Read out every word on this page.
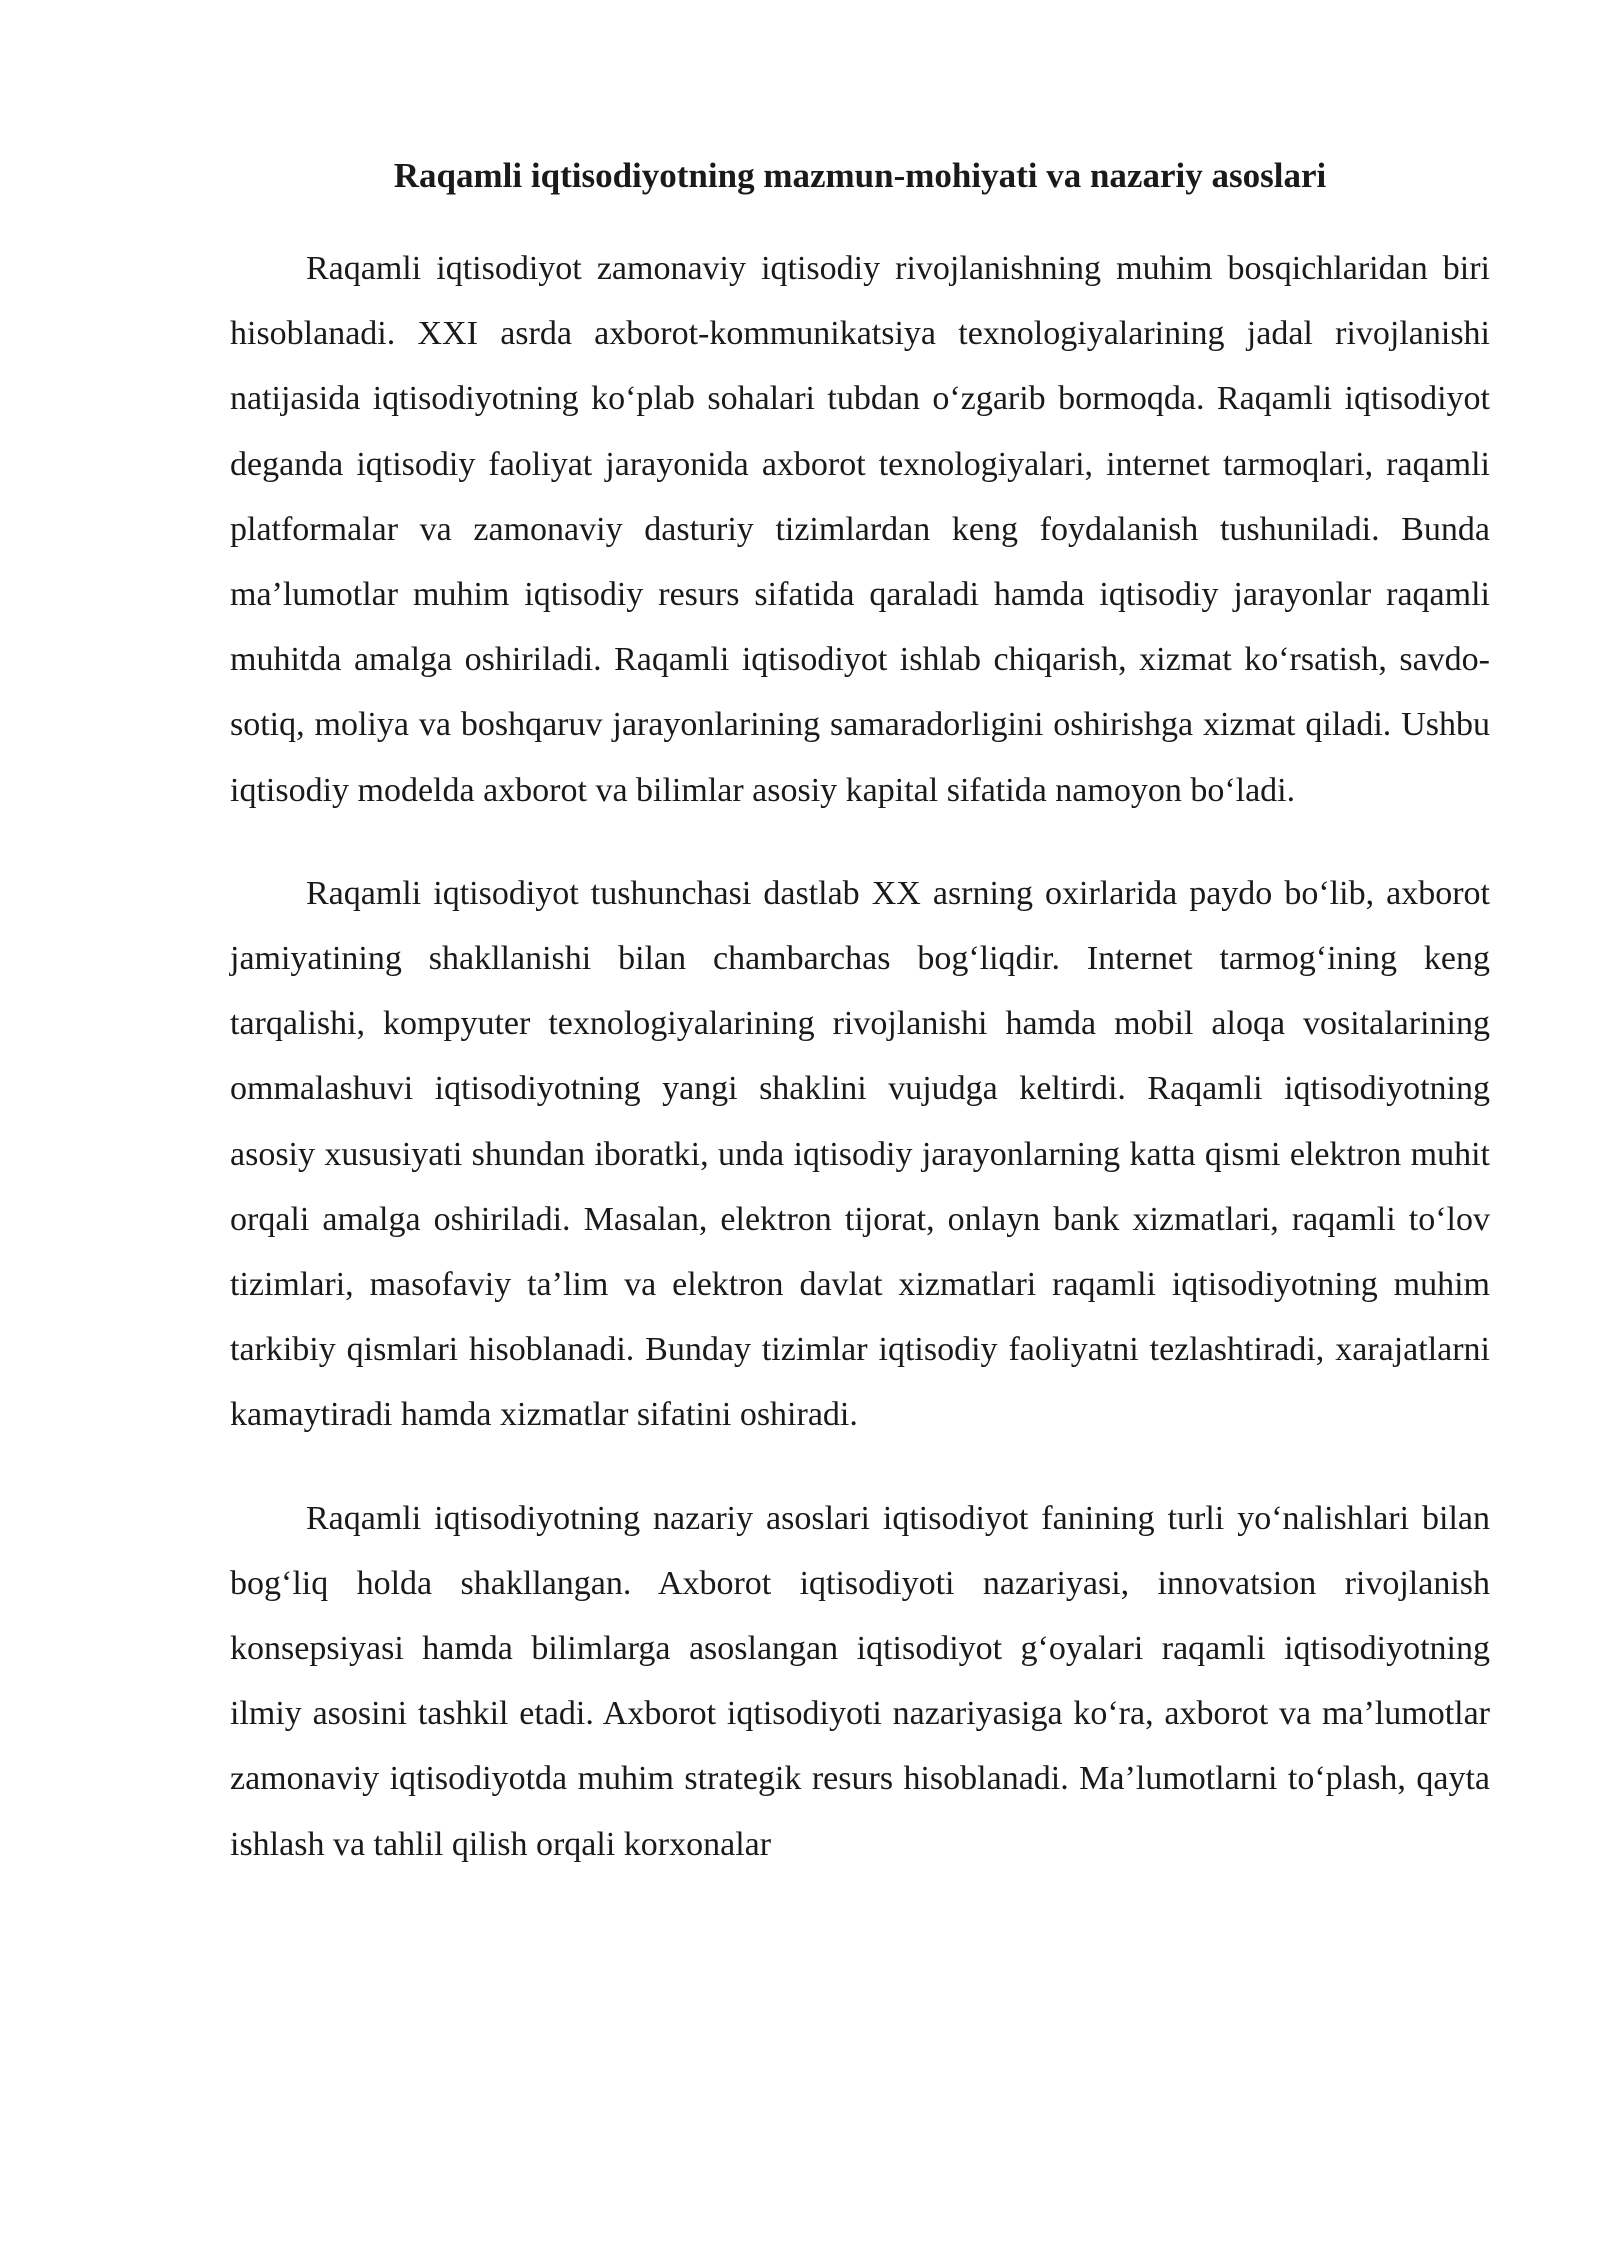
Raqamli iqtisodiyotning mazmun-mohiyati va nazariy asoslari

Raqamli iqtisodiyot zamonaviy iqtisodiy rivojlanishning muhim bosqichlaridan biri hisoblanadi. XXI asrda axborot-kommunikatsiya texnologiyalarining jadal rivojlanishi natijasida iqtisodiyotning ko‘plab sohalari tubdan o‘zgarib bormoqda. Raqamli iqtisodiyot deganda iqtisodiy faoliyat jarayonida axborot texnologiyalari, internet tarmoqlari, raqamli platformalar va zamonaviy dasturiy tizimlardan keng foydalanish tushuniladi. Bunda ma’lumotlar muhim iqtisodiy resurs sifatida qaraladi hamda iqtisodiy jarayonlar raqamli muhitda amalga oshiriladi. Raqamli iqtisodiyot ishlab chiqarish, xizmat ko‘rsatish, savdo-sotiq, moliya va boshqaruv jarayonlarining samaradorligini oshirishga xizmat qiladi. Ushbu iqtisodiy modelda axborot va bilimlar asosiy kapital sifatida namoyon bo‘ladi.

Raqamli iqtisodiyot tushunchasi dastlab XX asrning oxirlarida paydo bo‘lib, axborot jamiyatining shakllanishi bilan chambarchas bog‘liqdir. Internet tarmog‘ining keng tarqalishi, kompyuter texnologiyalarining rivojlanishi hamda mobil aloqa vositalarining ommalashuvi iqtisodiyotning yangi shaklini vujudga keltirdi. Raqamli iqtisodiyotning asosiy xususiyati shundan iboratki, unda iqtisodiy jarayonlarning katta qismi elektron muhit orqali amalga oshiriladi. Masalan, elektron tijorat, onlayn bank xizmatlari, raqamli to‘lov tizimlari, masofaviy ta’lim va elektron davlat xizmatlari raqamli iqtisodiyotning muhim tarkibiy qismlari hisoblanadi. Bunday tizimlar iqtisodiy faoliyatni tezlashtiradi, xarajatlarni kamaytiradi hamda xizmatlar sifatini oshiradi.

Raqamli iqtisodiyotning nazariy asoslari iqtisodiyot fanining turli yo‘nalishlari bilan bog‘liq holda shakllangan. Axborot iqtisodiyoti nazariyasi, innovatsion rivojlanish konsepsiyasi hamda bilimlarga asoslangan iqtisodiyot g‘oyalari raqamli iqtisodiyotning ilmiy asosini tashkil etadi. Axborot iqtisodiyoti nazariyasiga ko‘ra, axborot va ma’lumotlar zamonaviy iqtisodiyotda muhim strategik resurs hisoblanadi. Ma’lumotlarni to‘plash, qayta ishlash va tahlil qilish orqali korxonalar
